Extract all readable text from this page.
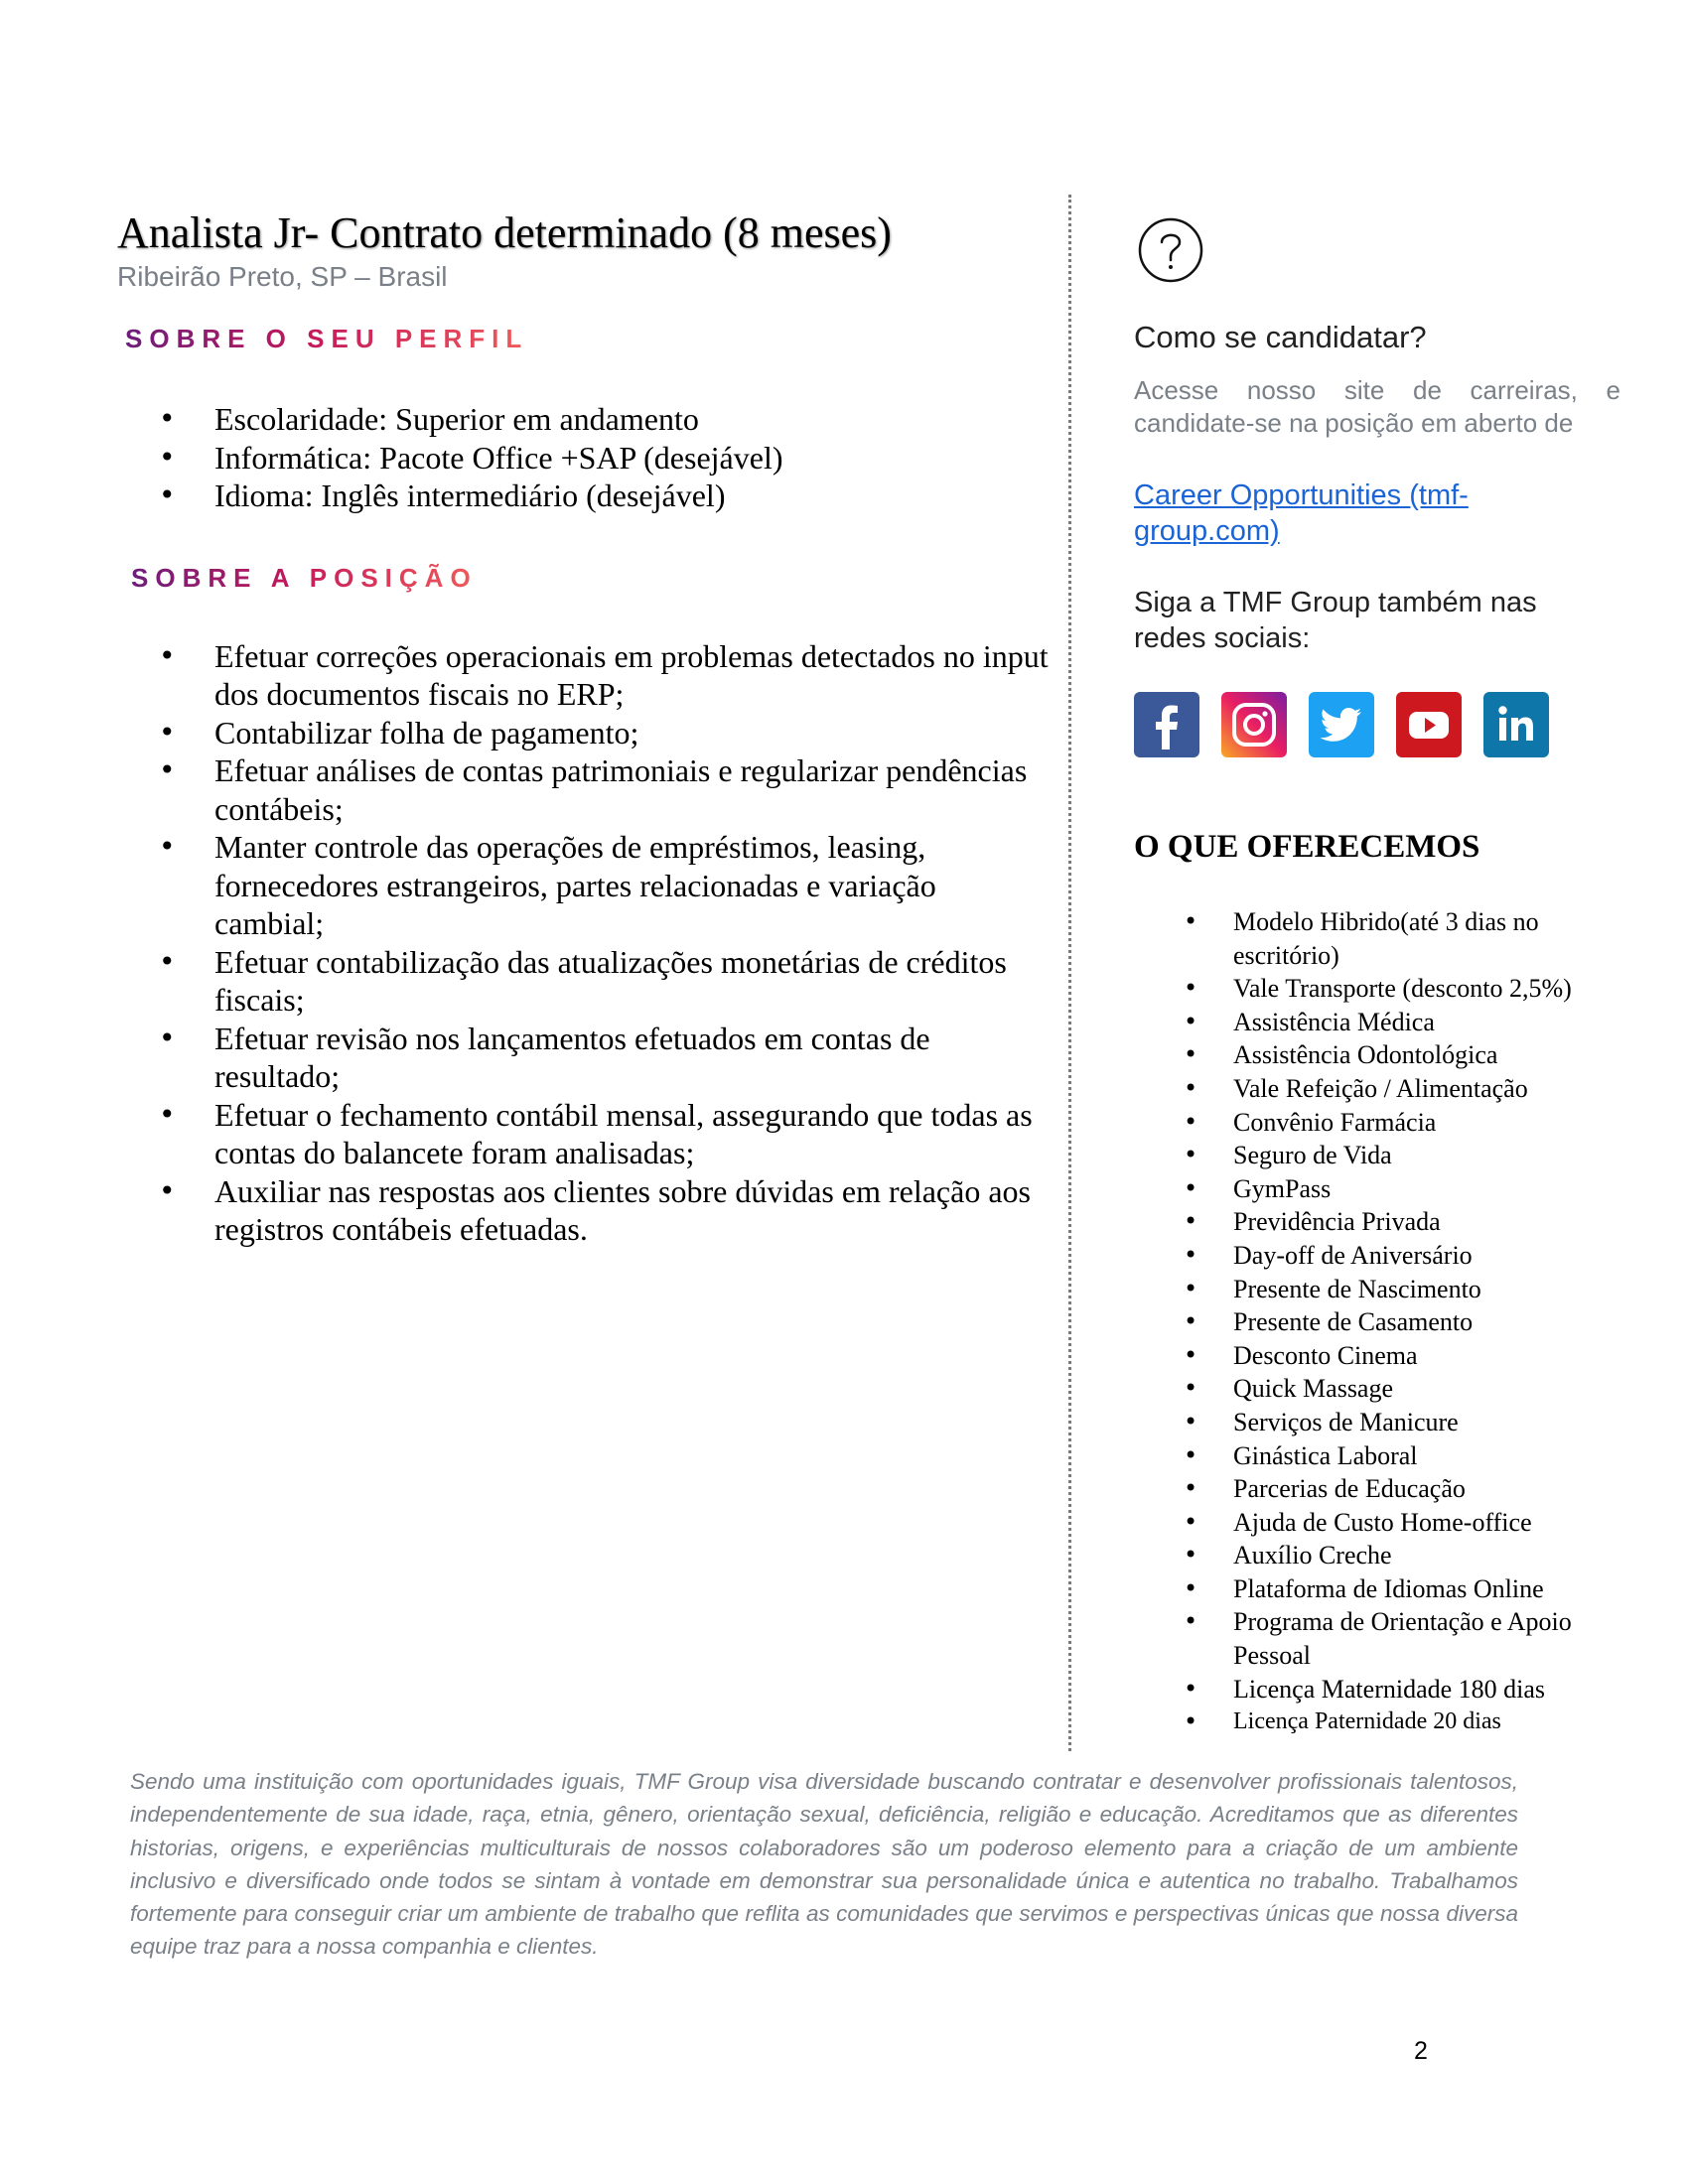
Analista Jr- Contrato determinado (8 meses)
Ribeirão Preto, SP – Brasil
SOBRE O SEU PERFIL
• Escolaridade: Superior em andamento
• Informática: Pacote Office +SAP (desejável)
• Idioma: Inglês intermediário (desejável)
SOBRE A POSIÇÃO
• Efetuar correções operacionais em problemas detectados no input dos documentos fiscais no ERP;
• Contabilizar folha de pagamento;
• Efetuar análises de contas patrimoniais e regularizar pendências contábeis;
• Manter controle das operações de empréstimos, leasing, fornecedores estrangeiros, partes relacionadas e variação cambial;
• Efetuar contabilização das atualizações monetárias de créditos fiscais;
• Efetuar revisão nos lançamentos efetuados em contas de resultado;
• Efetuar o fechamento contábil mensal, assegurando que todas as contas do balancete foram analisadas;
• Auxiliar nas respostas aos clientes sobre dúvidas em relação aos registros contábeis efetuadas.
Como se candidatar?
Acesse nosso site de carreiras, e candidate-se na posição em aberto de
Career Opportunities (tmf-group.com)
Siga a TMF Group também nas redes sociais:
O QUE OFERECEMOS
• Modelo Hibrido(até 3 dias no escritório)
• Vale Transporte (desconto 2,5%)
• Assistência Médica
• Assistência Odontológica
• Vale Refeição / Alimentação
• Convênio Farmácia
• Seguro de Vida
• GymPass
• Previdência Privada
• Day-off de Aniversário
• Presente de Nascimento
• Presente de Casamento
• Desconto Cinema
• Quick Massage
• Serviços de Manicure
• Ginástica Laboral
• Parcerias de Educação
• Ajuda de Custo Home-office
• Auxílio Creche
• Plataforma de Idiomas Online
• Programa de Orientação e Apoio Pessoal
• Licença Maternidade 180 dias
• Licença Paternidade 20 dias
Sendo uma instituição com oportunidades iguais, TMF Group visa diversidade buscando contratar e desenvolver profissionais talentosos, independentemente de sua idade, raça, etnia, gênero, orientação sexual, deficiência, religião e educação. Acreditamos que as diferentes historias, origens, e experiências multiculturais de nossos colaboradores são um poderoso elemento para a criação de um ambiente inclusivo e diversificado onde todos se sintam à vontade em demonstrar sua personalidade única e autentica no trabalho. Trabalhamos fortemente para conseguir criar um ambiente de trabalho que reflita as comunidades que servimos e perspectivas únicas que nossa diversa equipe traz para a nossa companhia e clientes.
2
